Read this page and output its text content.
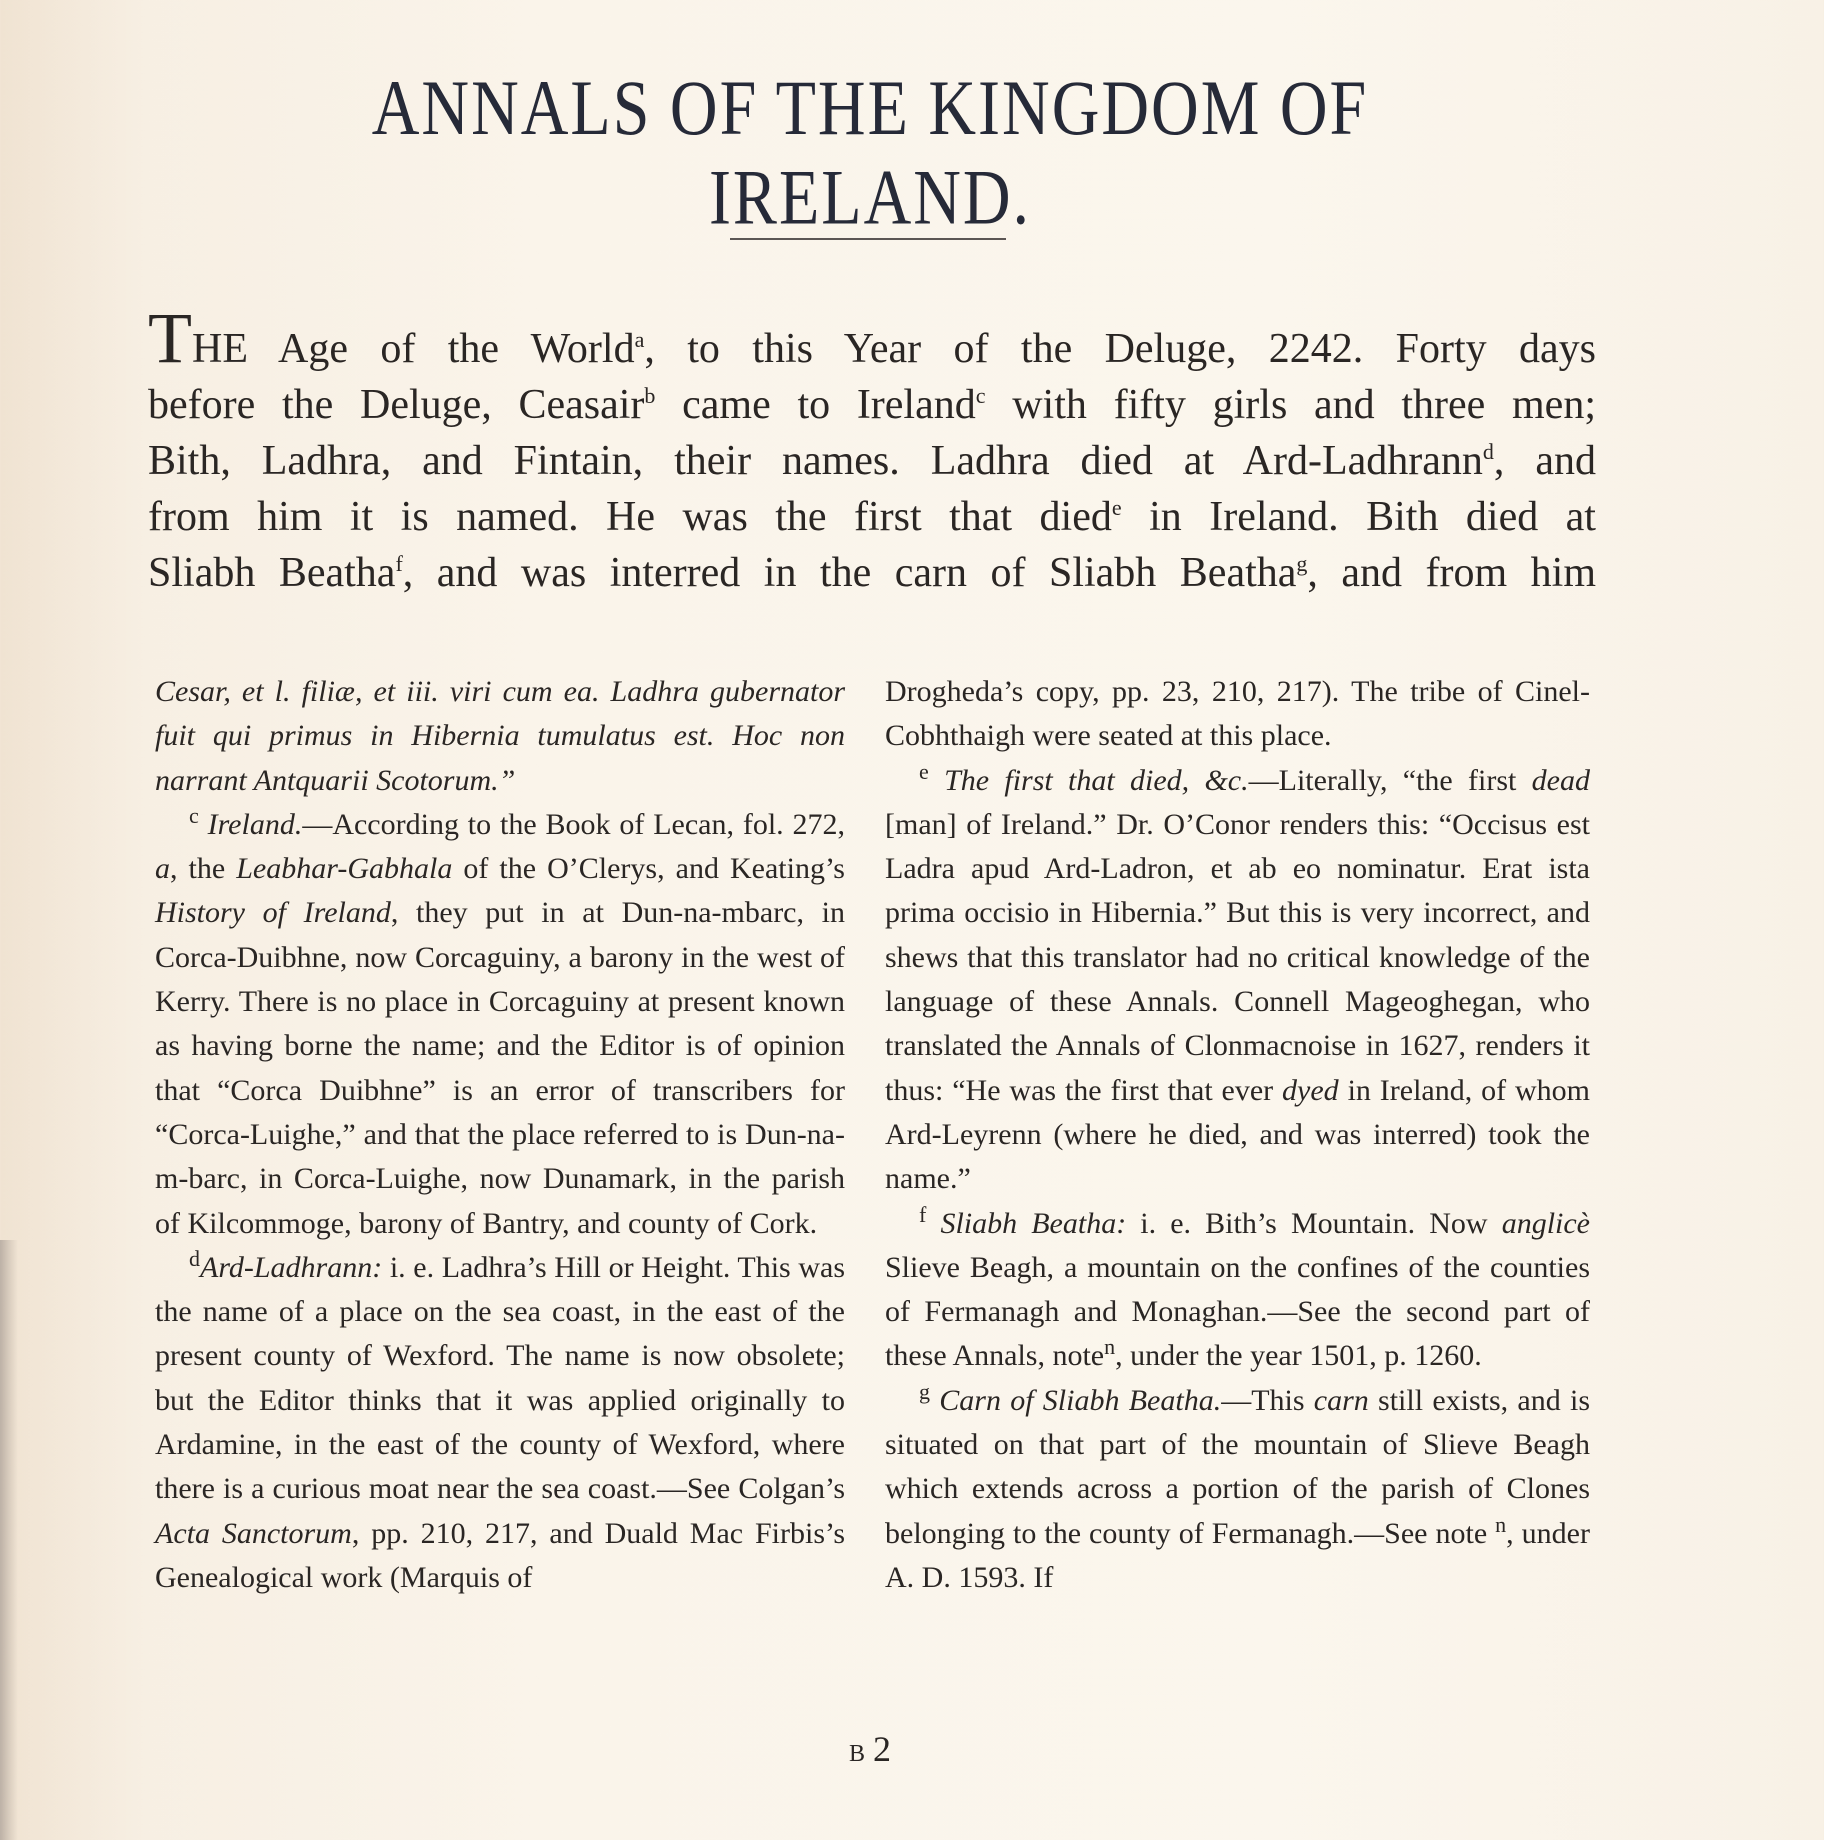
ANNALS OF THE KINGDOM OF IRELAND.
THE Age of the World$^a$, to this Year of the Deluge, 2242. Forty days
before the Deluge, Ceasair$^b$ came to Ireland$^c$ with fifty girls and three men;
Bith, Ladhra, and Fintain, their names. Ladhra died at Ard-Ladhrann$^d$, and
from him it is named. He was the first that died$^e$ in Ireland. Bith died at
Sliabh Beatha$^f$, and was interred in the carn of Sliabh Beatha$^g$, and from him

Cesar, et l. filiæ, et iii. viri cum ea. Ladhra gubernator fuit qui primus in Hibernia tumulatus est. Hoc non narrant Antquarii Scotorum.”

$^c$ Ireland.—According to the Book of Lecan, fol. 272, a, the Leabhar-Gabhala of the O’Clerys, and Keating’s History of Ireland, they put in at Dun-na-mbarc, in Corca-Duibhne, now Corcaguiny, a barony in the west of Kerry. There is no place in Corcaguiny at present known as having borne the name; and the Editor is of opinion that “Corca Duibhne” is an error of transcribers for “Corca-Luighe,” and that the place referred to is Dun-na-m-barc, in Corca-Luighe, now Dunamark, in the parish of Kilcommoge, barony of Bantry, and county of Cork.

$^d$Ard-Ladhrann: i. e. Ladhra’s Hill or Height. This was the name of a place on the sea coast, in the east of the present county of Wexford. The name is now obsolete; but the Editor thinks that it was applied originally to Ardamine, in the east of the county of Wexford, where there is a curious moat near the sea coast.—See Colgan’s Acta Sanctorum, pp. 210, 217, and Duald Mac Firbis’s Genealogical work (Marquis of

Drogheda’s copy, pp. 23, 210, 217). The tribe of Cinel-Cobhthaigh were seated at this place.

$^e$ The first that died, &c.—Literally, “the first dead [man] of Ireland.” Dr. O’Conor renders this: “Occisus est Ladra apud Ard-Ladron, et ab eo nominatur. Erat ista prima occisio in Hibernia.” But this is very incorrect, and shews that this translator had no critical knowledge of the language of these Annals. Connell Mageoghegan, who translated the Annals of Clonmacnoise in 1627, renders it thus: “He was the first that ever dyed in Ireland, of whom Ard-Leyrenn (where he died, and was interred) took the name.”

$^f$ Sliabh Beatha: i. e. Bith’s Mountain. Now anglicè Slieve Beagh, a mountain on the confines of the counties of Fermanagh and Monaghan.—See the second part of these Annals, note$^n$, under the year 1501, p. 1260.

$^g$ Carn of Sliabh Beatha.—This carn still exists, and is situated on that part of the mountain of Slieve Beagh which extends across a portion of the parish of Clones belonging to the county of Fermanagh.—See note $^n$, under A. D. 1593. If

B 2
